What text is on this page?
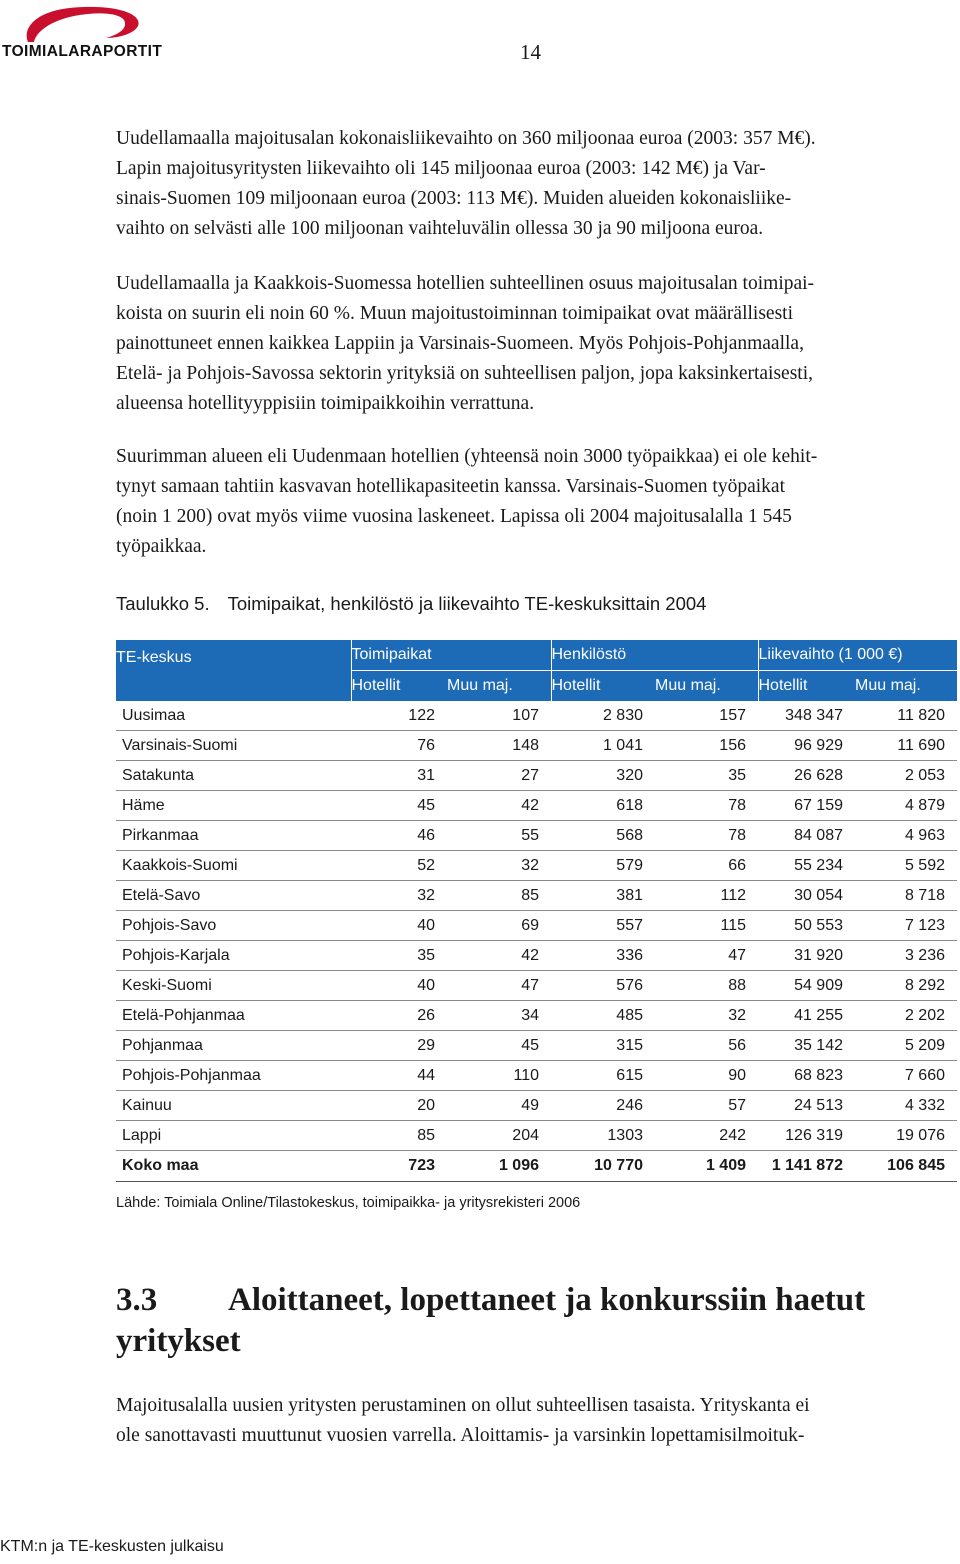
TOIMIALARAPORTIT	14

Uudellamaalla majoitusalan kokonaisliikevaihto on 360 miljoonaa euroa (2003: 357 M€).
Lapin majoitusyritysten liikevaihto oli 145 miljoonaa euroa (2003: 142 M€) ja Var-
sinais-Suomen 109 miljoonaan euroa (2003: 113 M€). Muiden alueiden kokonaisliike-
vaihto on selvästi alle 100 miljoonan vaihteluvälin ollessa 30 ja 90 miljoona euroa.

Uudellamaalla ja Kaakkois-Suomessa hotellien suhteellinen osuus majoitusalan toimipai-
koista on suurin eli noin 60 %. Muun majoitustoiminnan toimipaikat ovat määrällisesti
painottuneet ennen kaikkea Lappiin ja Varsinais-Suomeen. Myös Pohjois-Pohjanmaalla,
Etelä- ja Pohjois-Savossa sektorin yrityksiä on suhteellisen paljon, jopa kaksinkertaisesti,
alueensa hotellityyppisiin toimipaikkoihin verrattuna.

Suurimman alueen eli Uudenmaan hotellien (yhteensä noin 3000 työpaikkaa) ei ole kehit-
tynyt samaan tahtiin kasvavan hotellikapasiteetin kanssa. Varsinais-Suomen työpaikat
(noin 1 200) ovat myös viime vuosina laskeneet. Lapissa oli 2004 majoitusalalla 1 545
työpaikkaa.

Taulukko 5. Toimipaikat, henkilöstö ja liikevaihto TE-keskuksittain 2004
TE-keskus	Toimipaikat		Henkilöstö		Liikevaihto (1 000 €)	
	Hotellit	Muu maj.	Hotellit	Muu maj.	Hotellit	Muu maj.
Uusimaa	122	107	2 830	157	348 347	11 820
Varsinais-Suomi	76	148	1 041	156	96 929	11 690
Satakunta	31	27	320	35	26 628	2 053
Häme	45	42	618	78	67 159	4 879
Pirkanmaa	46	55	568	78	84 087	4 963
Kaakkois-Suomi	52	32	579	66	55 234	5 592
Etelä-Savo	32	85	381	112	30 054	8 718
Pohjois-Savo	40	69	557	115	50 553	7 123
Pohjois-Karjala	35	42	336	47	31 920	3 236
Keski-Suomi	40	47	576	88	54 909	8 292
Etelä-Pohjanmaa	26	34	485	32	41 255	2 202
Pohjanmaa	29	45	315	56	35 142	5 209
Pohjois-Pohjanmaa	44	110	615	90	68 823	7 660
Kainuu	20	49	246	57	24 513	4 332
Lappi	85	204	1303	242	126 319	19 076
Koko maa	723	1 096	10 770	1 409	1 141 872	106 845
Lähde: Toimiala Online/Tilastokeskus, toimipaikka- ja yritysrekisteri 2006
3.3 Aloittaneet, lopettaneet ja konkurssiin haetut
yritykset

Majoitusalalla uusien yritysten perustaminen on ollut suhteellisen tasaista. Yrityskanta ei
ole sanottavasti muuttunut vuosien varrella. Aloittamis- ja varsinkin lopettamisilmoituk-

KTM:n ja TE-keskusten julkaisu
